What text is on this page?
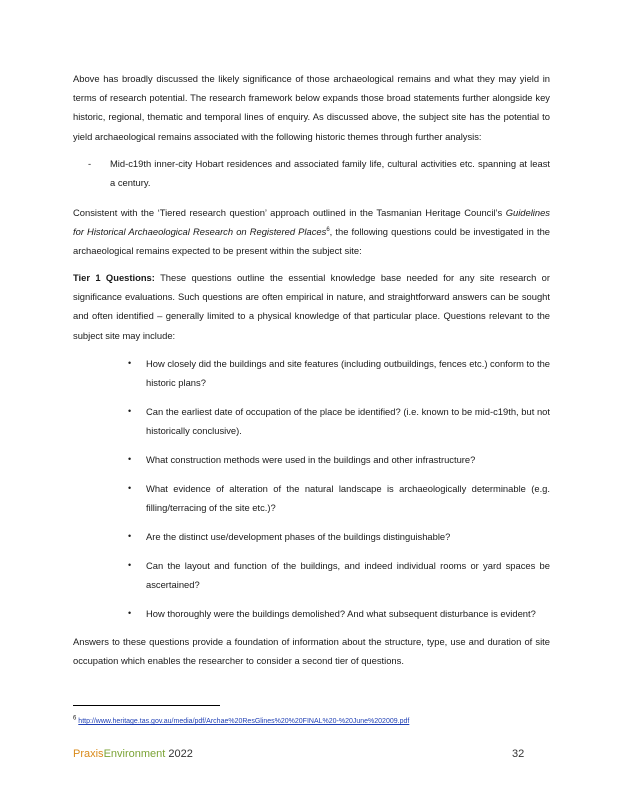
Above has broadly discussed the likely significance of those archaeological remains and what they may yield in terms of research potential. The research framework below expands those broad statements further alongside key historic, regional, thematic and temporal lines of enquiry. As discussed above, the subject site has the potential to yield archaeological remains associated with the following historic themes through further analysis:

-	Mid-c19th inner-city Hobart residences and associated family life, cultural activities etc. spanning at least a century.

Consistent with the ‘Tiered research question’ approach outlined in the Tasmanian Heritage Council’s Guidelines for Historical Archaeological Research on Registered Places$^6$, the following questions could be investigated in the archaeological remains expected to be present within the subject site:

Tier 1 Questions: These questions outline the essential knowledge base needed for any site research or significance evaluations. Such questions are often empirical in nature, and straightforward answers can be sought and often identified – generally limited to a physical knowledge of that particular place. Questions relevant to the subject site may include:

• How closely did the buildings and site features (including outbuildings, fences etc.) conform to the historic plans?
• Can the earliest date of occupation of the place be identified? (i.e. known to be mid-c19th, but not historically conclusive).
• What construction methods were used in the buildings and other infrastructure?
• What evidence of alteration of the natural landscape is archaeologically determinable (e.g. filling/terracing of the site etc.)?
• Are the distinct use/development phases of the buildings distinguishable?
• Can the layout and function of the buildings, and indeed individual rooms or yard spaces be ascertained?
• How thoroughly were the buildings demolished? And what subsequent disturbance is evident?

Answers to these questions provide a foundation of information about the structure, type, use and duration of site occupation which enables the researcher to consider a second tier of questions.

$^6$ http://www.heritage.tas.gov.au/media/pdf/Archae%20ResGlines%20%20FINAL%20-%20June%202009.pdf
PraxisEnvironment 2022	32
